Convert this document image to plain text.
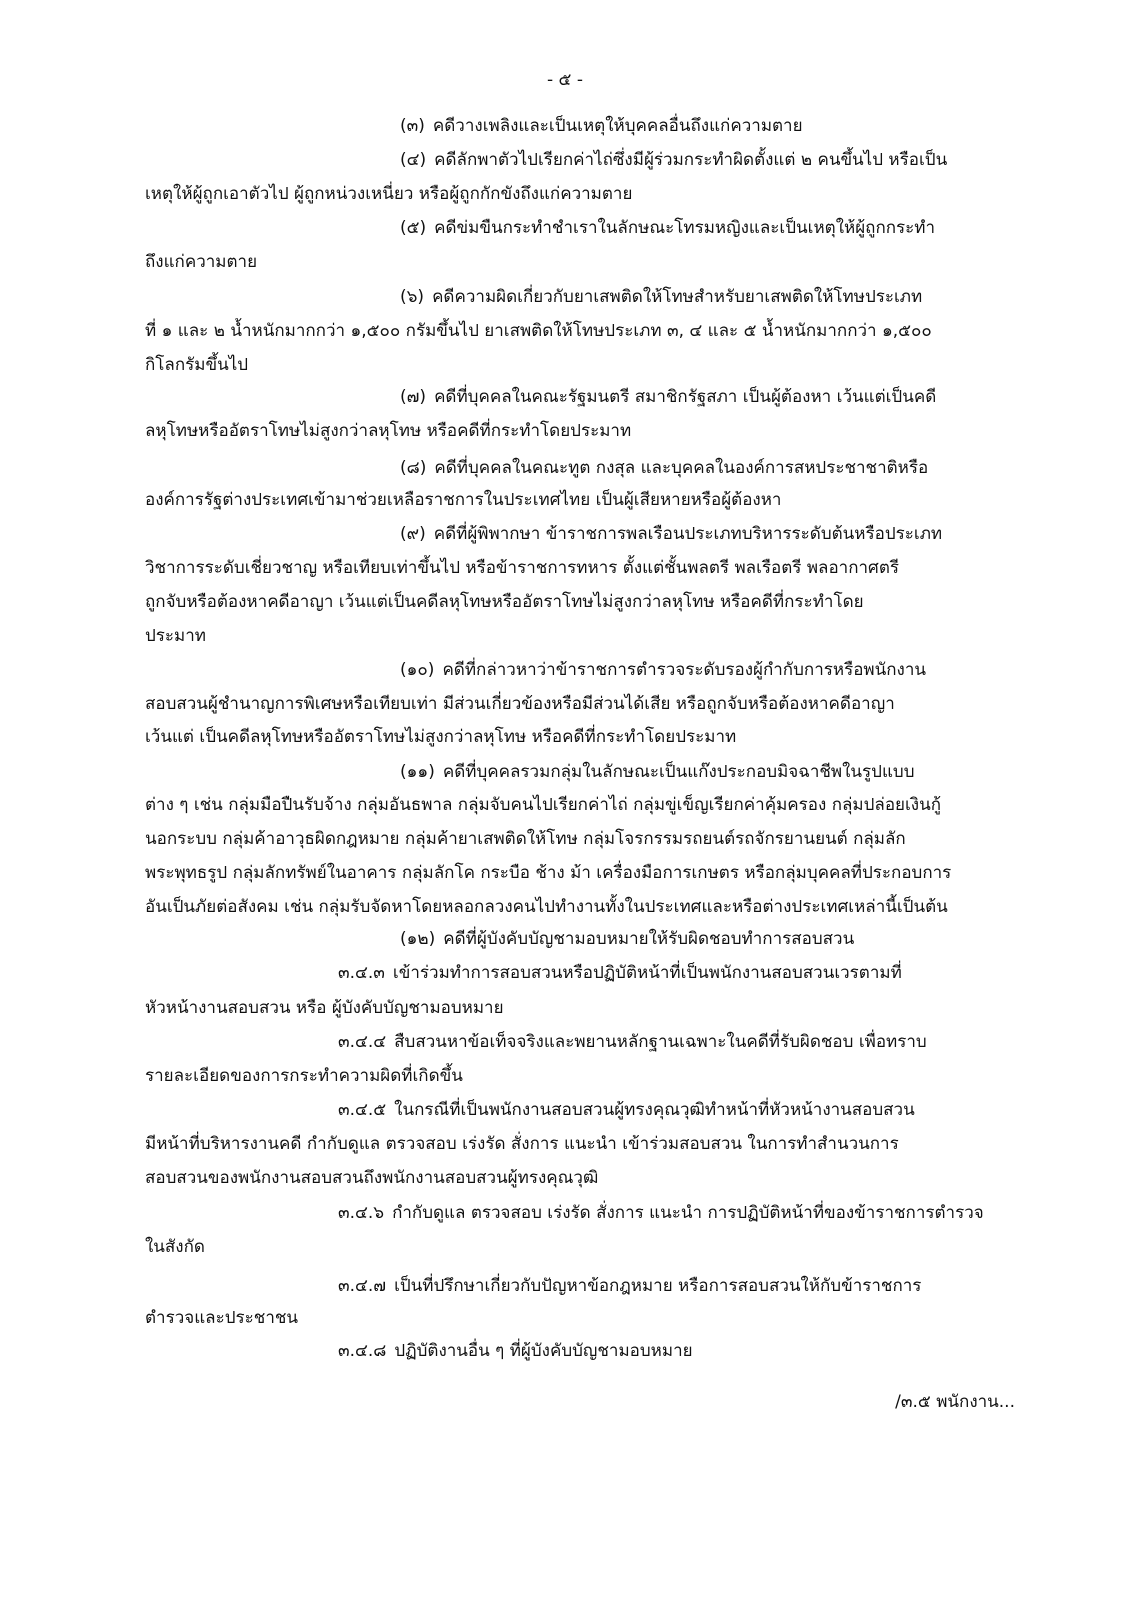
- ๕ -
(๓) คดีวางเพลิงและเป็นเหตุให้บุคคลอื่นถึงแก่ความตาย
(๔) คดีลักพาตัวไปเรียกค่าไถ่ซึ่งมีผู้ร่วมกระทำผิดตั้งแต่ ๒ คนขึ้นไป หรือเป็น
เหตุให้ผู้ถูกเอาตัวไป ผู้ถูกหน่วงเหนี่ยว หรือผู้ถูกกักขังถึงแก่ความตาย
(๕) คดีข่มขืนกระทำชำเราในลักษณะโทรมหญิงและเป็นเหตุให้ผู้ถูกกระทำ
ถึงแก่ความตาย
(๖) คดีความผิดเกี่ยวกับยาเสพติดให้โทษสำหรับยาเสพติดให้โทษประเภท
ที่ ๑ และ ๒ น้ำหนักมากกว่า ๑,๕๐๐ กรัมขึ้นไป ยาเสพติดให้โทษประเภท ๓, ๔ และ ๕ น้ำหนักมากกว่า ๑,๕๐๐
กิโลกรัมขึ้นไป
(๗) คดีที่บุคคลในคณะรัฐมนตรี สมาชิกรัฐสภา เป็นผู้ต้องหา เว้นแต่เป็นคดี
ลหุโทษหรืออัตราโทษไม่สูงกว่าลหุโทษ หรือคดีที่กระทำโดยประมาท
(๘) คดีที่บุคคลในคณะทูต กงสุล และบุคคลในองค์การสหประชาชาติหรือ
องค์การรัฐต่างประเทศเข้ามาช่วยเหลือราชการในประเทศไทย เป็นผู้เสียหายหรือผู้ต้องหา
(๙) คดีที่ผู้พิพากษา ข้าราชการพลเรือนประเภทบริหารระดับต้นหรือประเภท
วิชาการระดับเชี่ยวชาญ หรือเทียบเท่าขึ้นไป หรือข้าราชการทหาร ตั้งแต่ชั้นพลตรี พลเรือตรี พลอากาศตรี
ถูกจับหรือต้องหาคดีอาญา เว้นแต่เป็นคดีลหุโทษหรืออัตราโทษไม่สูงกว่าลหุโทษ หรือคดีที่กระทำโดย
ประมาท
(๑๐) คดีที่กล่าวหาว่าข้าราชการตำรวจระดับรองผู้กำกับการหรือพนักงาน
สอบสวนผู้ชำนาญการพิเศษหรือเทียบเท่า มีส่วนเกี่ยวข้องหรือมีส่วนได้เสีย หรือถูกจับหรือต้องหาคดีอาญา
เว้นแต่ เป็นคดีลหุโทษหรืออัตราโทษไม่สูงกว่าลหุโทษ หรือคดีที่กระทำโดยประมาท
(๑๑) คดีที่บุคคลรวมกลุ่มในลักษณะเป็นแก๊งประกอบมิจฉาชีพในรูปแบบ
ต่าง ๆ เช่น กลุ่มมือปืนรับจ้าง กลุ่มอันธพาล กลุ่มจับคนไปเรียกค่าไถ่ กลุ่มขู่เข็ญเรียกค่าคุ้มครอง กลุ่มปล่อยเงินกู้
นอกระบบ กลุ่มค้าอาวุธผิดกฎหมาย กลุ่มค้ายาเสพติดให้โทษ กลุ่มโจรกรรมรถยนต์รถจักรยานยนต์ กลุ่มลัก
พระพุทธรูป กลุ่มลักทรัพย์ในอาคาร กลุ่มลักโค กระบือ ช้าง ม้า เครื่องมือการเกษตร หรือกลุ่มบุคคลที่ประกอบการ
อันเป็นภัยต่อสังคม เช่น กลุ่มรับจัดหาโดยหลอกลวงคนไปทำงานทั้งในประเทศและหรือต่างประเทศเหล่านี้เป็นต้น
(๑๒) คดีที่ผู้บังคับบัญชามอบหมายให้รับผิดชอบทำการสอบสวน
๓.๔.๓ เข้าร่วมทำการสอบสวนหรือปฏิบัติหน้าที่เป็นพนักงานสอบสวนเวรตามที่
หัวหน้างานสอบสวน หรือ ผู้บังคับบัญชามอบหมาย
๓.๔.๔ สืบสวนหาข้อเท็จจริงและพยานหลักฐานเฉพาะในคดีที่รับผิดชอบ เพื่อทราบ
รายละเอียดของการกระทำความผิดที่เกิดขึ้น
๓.๔.๕ ในกรณีที่เป็นพนักงานสอบสวนผู้ทรงคุณวุฒิทำหน้าที่หัวหน้างานสอบสวน
มีหน้าที่บริหารงานคดี กำกับดูแล ตรวจสอบ เร่งรัด สั่งการ แนะนำ เข้าร่วมสอบสวน ในการทำสำนวนการ
สอบสวนของพนักงานสอบสวนถึงพนักงานสอบสวนผู้ทรงคุณวุฒิ
๓.๔.๖ กำกับดูแล ตรวจสอบ เร่งรัด สั่งการ แนะนำ การปฏิบัติหน้าที่ของข้าราชการตำรวจ
ในสังกัด
๓.๔.๗ เป็นที่ปรึกษาเกี่ยวกับปัญหาข้อกฎหมาย หรือการสอบสวนให้กับข้าราชการ
ตำรวจและประชาชน
๓.๔.๘ ปฏิบัติงานอื่น ๆ ที่ผู้บังคับบัญชามอบหมาย
/๓.๕ พนักงาน...
